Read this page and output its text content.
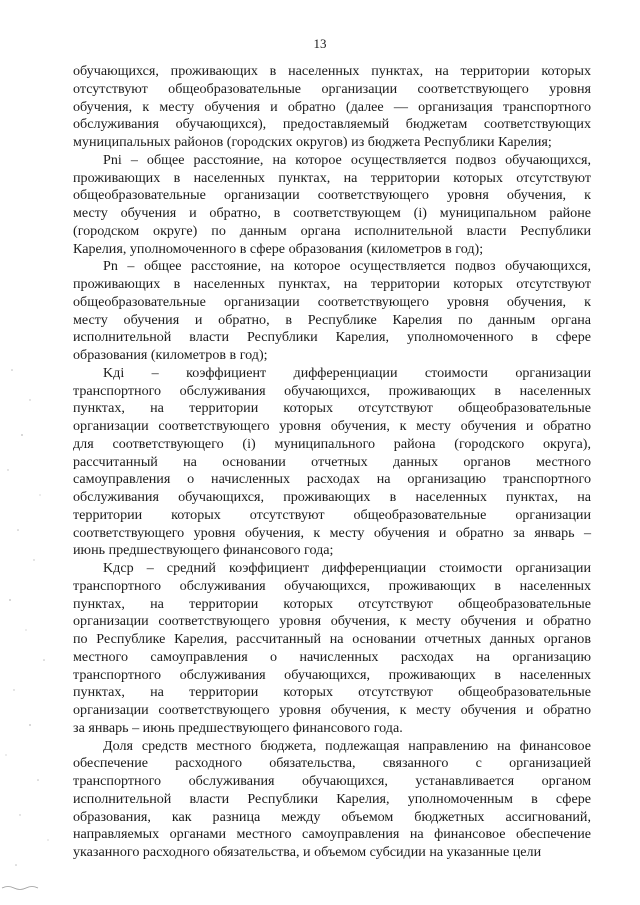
13
обучающихся, проживающих в населенных пунктах, на территории которых
отсутствуют общеобразовательные организации соответствующего уровня
обучения, к месту обучения и обратно (далее — организация транспортного
обслуживания обучающихся), предоставляемый бюджетам соответствующих
муниципальных районов (городских округов) из бюджета Республики Карелия;
Pnі – общее расстояние, на которое осуществляется подвоз обучающихся,
проживающих в населенных пунктах, на территории которых отсутствуют
общеобразовательные организации соответствующего уровня обучения, к
месту обучения и обратно, в соответствующем (і) муниципальном районе
(городском округе) по данным органа исполнительной власти Республики
Карелия, уполномоченного в сфере образования (километров в год);
Pn – общее расстояние, на которое осуществляется подвоз обучающихся,
проживающих в населенных пунктах, на территории которых отсутствуют
общеобразовательные организации соответствующего уровня обучения, к
месту обучения и обратно, в Республике Карелия по данным органа
исполнительной власти Республики Карелия, уполномоченного в сфере
образования (километров в год);
Kдi – коэффициент дифференциации стоимости организации
транспортного обслуживания обучающихся, проживающих в населенных
пунктах, на территории которых отсутствуют общеобразовательные
организации соответствующего уровня обучения, к месту обучения и обратно
для соответствующего (і) муниципального района (городского округа),
рассчитанный на основании отчетных данных органов местного
самоуправления о начисленных расходах на организацию транспортного
обслуживания обучающихся, проживающих в населенных пунктах, на
территории которых отсутствуют общеобразовательные организации
соответствующего уровня обучения, к месту обучения и обратно за январь –
июнь предшествующего финансового года;
Kдср – средний коэффициент дифференциации стоимости организации
транспортного обслуживания обучающихся, проживающих в населенных
пунктах, на территории которых отсутствуют общеобразовательные
организации соответствующего уровня обучения, к месту обучения и обратно
по Республике Карелия, рассчитанный на основании отчетных данных органов
местного самоуправления о начисленных расходах на организацию
транспортного обслуживания обучающихся, проживающих в населенных
пунктах, на территории которых отсутствуют общеобразовательные
организации соответствующего уровня обучения, к месту обучения и обратно
за январь – июнь предшествующего финансового года.
Доля средств местного бюджета, подлежащая направлению на финансовое
обеспечение расходного обязательства, связанного с организацией
транспортного обслуживания обучающихся, устанавливается органом
исполнительной власти Республики Карелия, уполномоченным в сфере
образования, как разница между объемом бюджетных ассигнований,
направляемых органами местного самоуправления на финансовое обеспечение
указанного расходного обязательства, и объемом субсидии на указанные цели
